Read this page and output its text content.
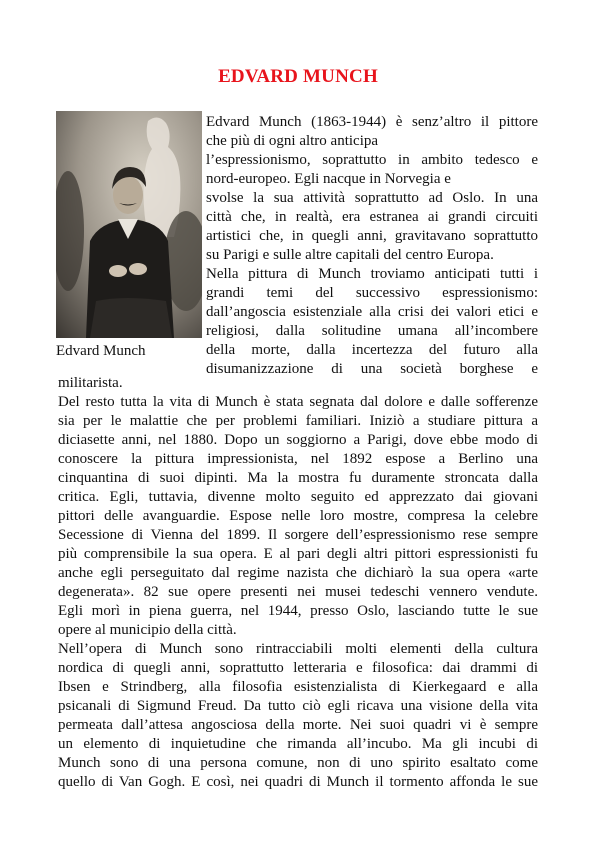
EDVARD MUNCH
Edvard Munch
Edvard Munch (1863-1944) è senz’altro il pittore
che più di ogni altro anticipa
l’espressionismo, soprattutto in ambito tedesco e
nord-europeo. Egli nacque in Norvegia e
svolse la sua attività soprattutto ad Oslo. In una
città che, in realtà, era estranea ai grandi circuiti
artistici che, in quegli anni, gravitavano soprattutto
su Parigi e sulle altre capitali del centro Europa.
Nella pittura di Munch troviamo anticipati tutti i
grandi temi del successivo espressionismo:
dall’angoscia esistenziale alla crisi dei valori etici e
religiosi, dalla solitudine umana all’incombere
della morte, dalla incertezza del futuro alla
disumanizzazione di una società borghese e
militarista.
Del resto tutta la vita di Munch è stata segnata dal dolore e dalle sofferenze
sia per le malattie che per problemi familiari. Iniziò a studiare pittura a
diciasette anni, nel 1880. Dopo un soggiorno a Parigi, dove ebbe modo di
conoscere la pittura impressionista, nel 1892 espose a Berlino una
cinquantina di suoi dipinti. Ma la mostra fu duramente stroncata dalla
critica. Egli, tuttavia, divenne molto seguito ed apprezzato dai giovani
pittori delle avanguardie. Espose nelle loro mostre, compresa la celebre
Secessione di Vienna del 1899. Il sorgere dell’espressionismo rese sempre
più comprensibile la sua opera. E al pari degli altri pittori espressionisti fu
anche egli perseguitato dal regime nazista che dichiarò la sua opera «arte
degenerata». 82 sue opere presenti nei musei tedeschi vennero vendute.
Egli morì in piena guerra, nel 1944, presso Oslo, lasciando tutte le sue
opere al municipio della città.
Nell’opera di Munch sono rintracciabili molti elementi della cultura
nordica di quegli anni, soprattutto letteraria e filosofica: dai drammi di
Ibsen e Strindberg, alla filosofia esistenzialista di Kierkegaard e alla
psicanali di Sigmund Freud. Da tutto ciò egli ricava una visione della vita
permeata dall’attesa angosciosa della morte. Nei suoi quadri vi è sempre
un elemento di inquietudine che rimanda all’incubo. Ma gli incubi di
Munch sono di una persona comune, non di uno spirito esaltato come
quello di Van Gogh. E così, nei quadri di Munch il tormento affonda le sue
